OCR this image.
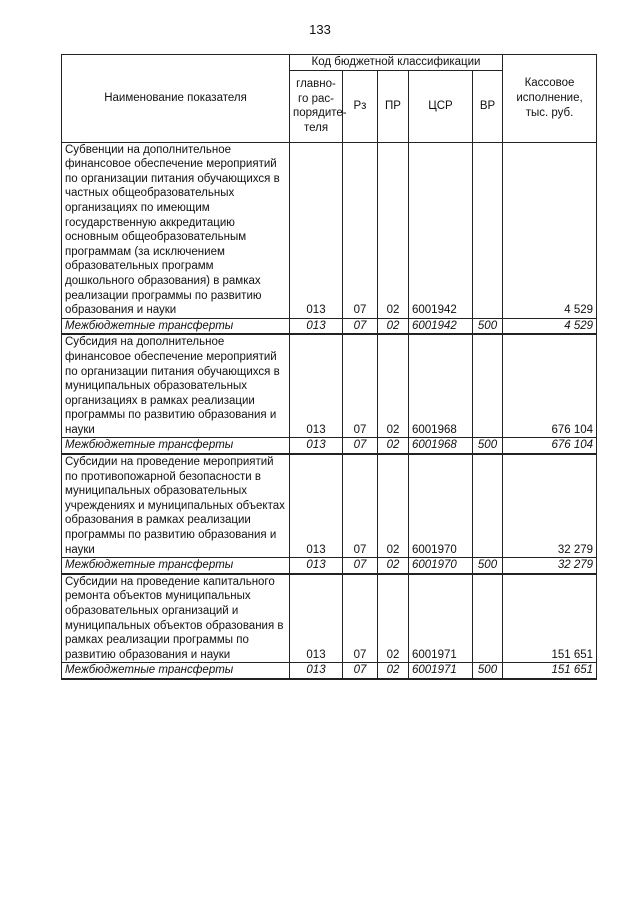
133
Наименование показателя	Код бюджетной классификации					Кассовое исполнение, тыс. руб.
	главно-го рас-порядите-теля	Рз	ПР	ЦСР	ВР	
Субвенции на дополнительное финансовое обеспечение мероприятий по организации питания обучающихся в частных общеобразовательных организациях по имеющим государственную аккредитацию основным общеобразовательным программам (за исключением образовательных программ дошкольного образования) в рамках реализации программы по развитию образования и науки	013	07	02	6001942		4 529
Межбюджетные трансферты	013	07	02	6001942	500	4 529
Субсидия на дополнительное финансовое обеспечение мероприятий по организации питания обучающихся в муниципальных образовательных организациях в рамках реализации программы по развитию образования и науки	013	07	02	6001968		676 104
Межбюджетные трансферты	013	07	02	6001968	500	676 104
Субсидии на проведение мероприятий по противопожарной безопасности в муниципальных образовательных учреждениях и муниципальных объектах образования в рамках реализации программы по развитию образования и науки	013	07	02	6001970		32 279
Межбюджетные трансферты	013	07	02	6001970	500	32 279
Субсидии на проведение капитального ремонта объектов муниципальных образовательных организаций и муниципальных объектов образования в рамках реализации программы по развитию образования и науки	013	07	02	6001971		151 651
Межбюджетные трансферты	013	07	02	6001971	500	151 651
